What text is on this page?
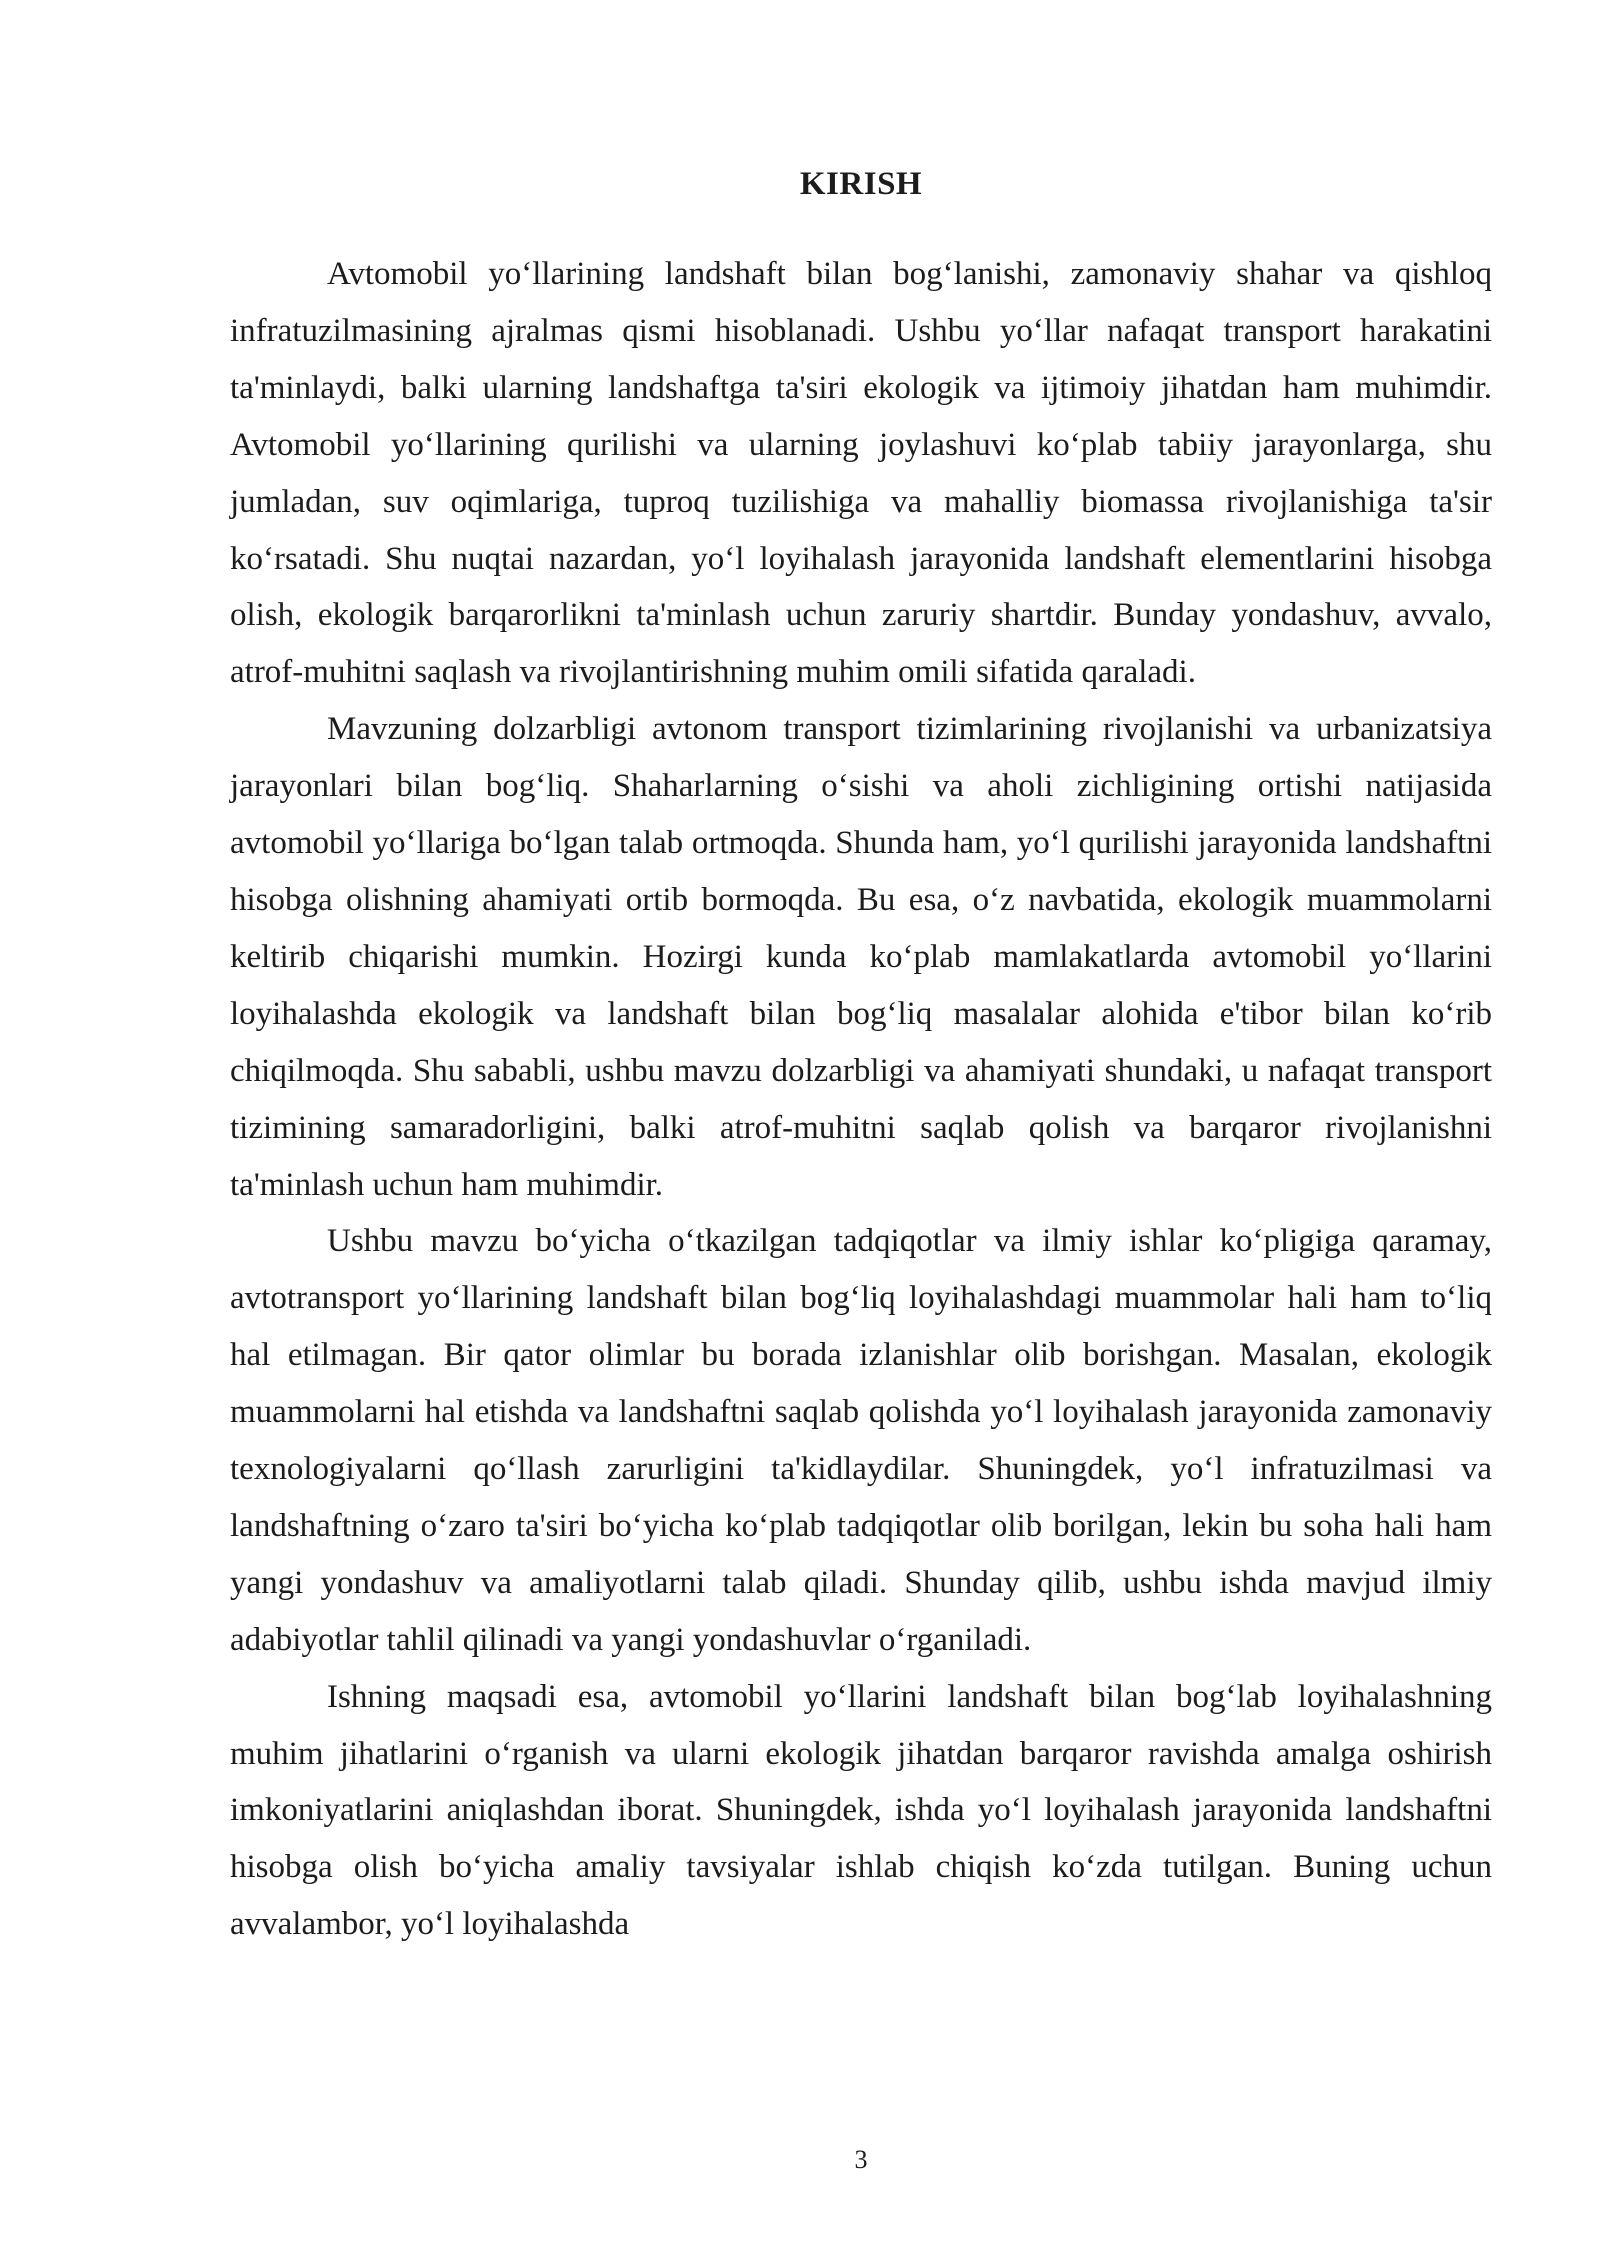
KIRISH

Avtomobil yo‘llarining landshaft bilan bog‘lanishi, zamonaviy shahar va qishloq infratuzilmasining ajralmas qismi hisoblanadi. Ushbu yo‘llar nafaqat transport harakatini ta'minlaydi, balki ularning landshaftga ta'siri ekologik va ijtimoiy jihatdan ham muhimdir. Avtomobil yo‘llarining qurilishi va ularning joylashuvi ko‘plab tabiiy jarayonlarga, shu jumladan, suv oqimlariga, tuproq tuzilishiga va mahalliy biomassa rivojlanishiga ta'sir ko‘rsatadi. Shu nuqtai nazardan, yo‘l loyihalash jarayonida landshaft elementlarini hisobga olish, ekologik barqarorlikni ta'minlash uchun zaruriy shartdir. Bunday yondashuv, avvalo, atrof-muhitni saqlash va rivojlantirishning muhim omili sifatida qaraladi.

Mavzuning dolzarbligi avtonom transport tizimlarining rivojlanishi va urbanizatsiya jarayonlari bilan bog‘liq. Shaharlarning o‘sishi va aholi zichligining ortishi natijasida avtomobil yo‘llariga bo‘lgan talab ortmoqda. Shunda ham, yo‘l qurilishi jarayonida landshaftni hisobga olishning ahamiyati ortib bormoqda. Bu esa, o‘z navbatida, ekologik muammolarni keltirib chiqarishi mumkin. Hozirgi kunda ko‘plab mamlakatlarda avtomobil yo‘llarini loyihalashda ekologik va landshaft bilan bog‘liq masalalar alohida e'tibor bilan ko‘rib chiqilmoqda. Shu sababli, ushbu mavzu dolzarbligi va ahamiyati shundaki, u nafaqat transport tizimining samaradorligini, balki atrof-muhitni saqlab qolish va barqaror rivojlanishni ta'minlash uchun ham muhimdir.

Ushbu mavzu bo‘yicha o‘tkazilgan tadqiqotlar va ilmiy ishlar ko‘pligiga qaramay, avtotransport yo‘llarining landshaft bilan bog‘liq loyihalashdagi muammolar hali ham to‘liq hal etilmagan. Bir qator olimlar bu borada izlanishlar olib borishgan. Masalan, ekologik muammolarni hal etishda va landshaftni saqlab qolishda yo‘l loyihalash jarayonida zamonaviy texnologiyalarni qo‘llash zarurligini ta'kidlaydilar. Shuningdek, yo‘l infratuzilmasi va landshaftning o‘zaro ta'siri bo‘yicha ko‘plab tadqiqotlar olib borilgan, lekin bu soha hali ham yangi yondashuv va amaliyotlarni talab qiladi. Shunday qilib, ushbu ishda mavjud ilmiy adabiyotlar tahlil qilinadi va yangi yondashuvlar o‘rganiladi.

Ishning maqsadi esa, avtomobil yo‘llarini landshaft bilan bog‘lab loyihalashning muhim jihatlarini o‘rganish va ularni ekologik jihatdan barqaror ravishda amalga oshirish imkoniyatlarini aniqlashdan iborat. Shuningdek, ishda yo‘l loyihalash jarayonida landshaftni hisobga olish bo‘yicha amaliy tavsiyalar ishlab chiqish ko‘zda tutilgan. Buning uchun avvalambor, yo‘l loyihalashda

3
